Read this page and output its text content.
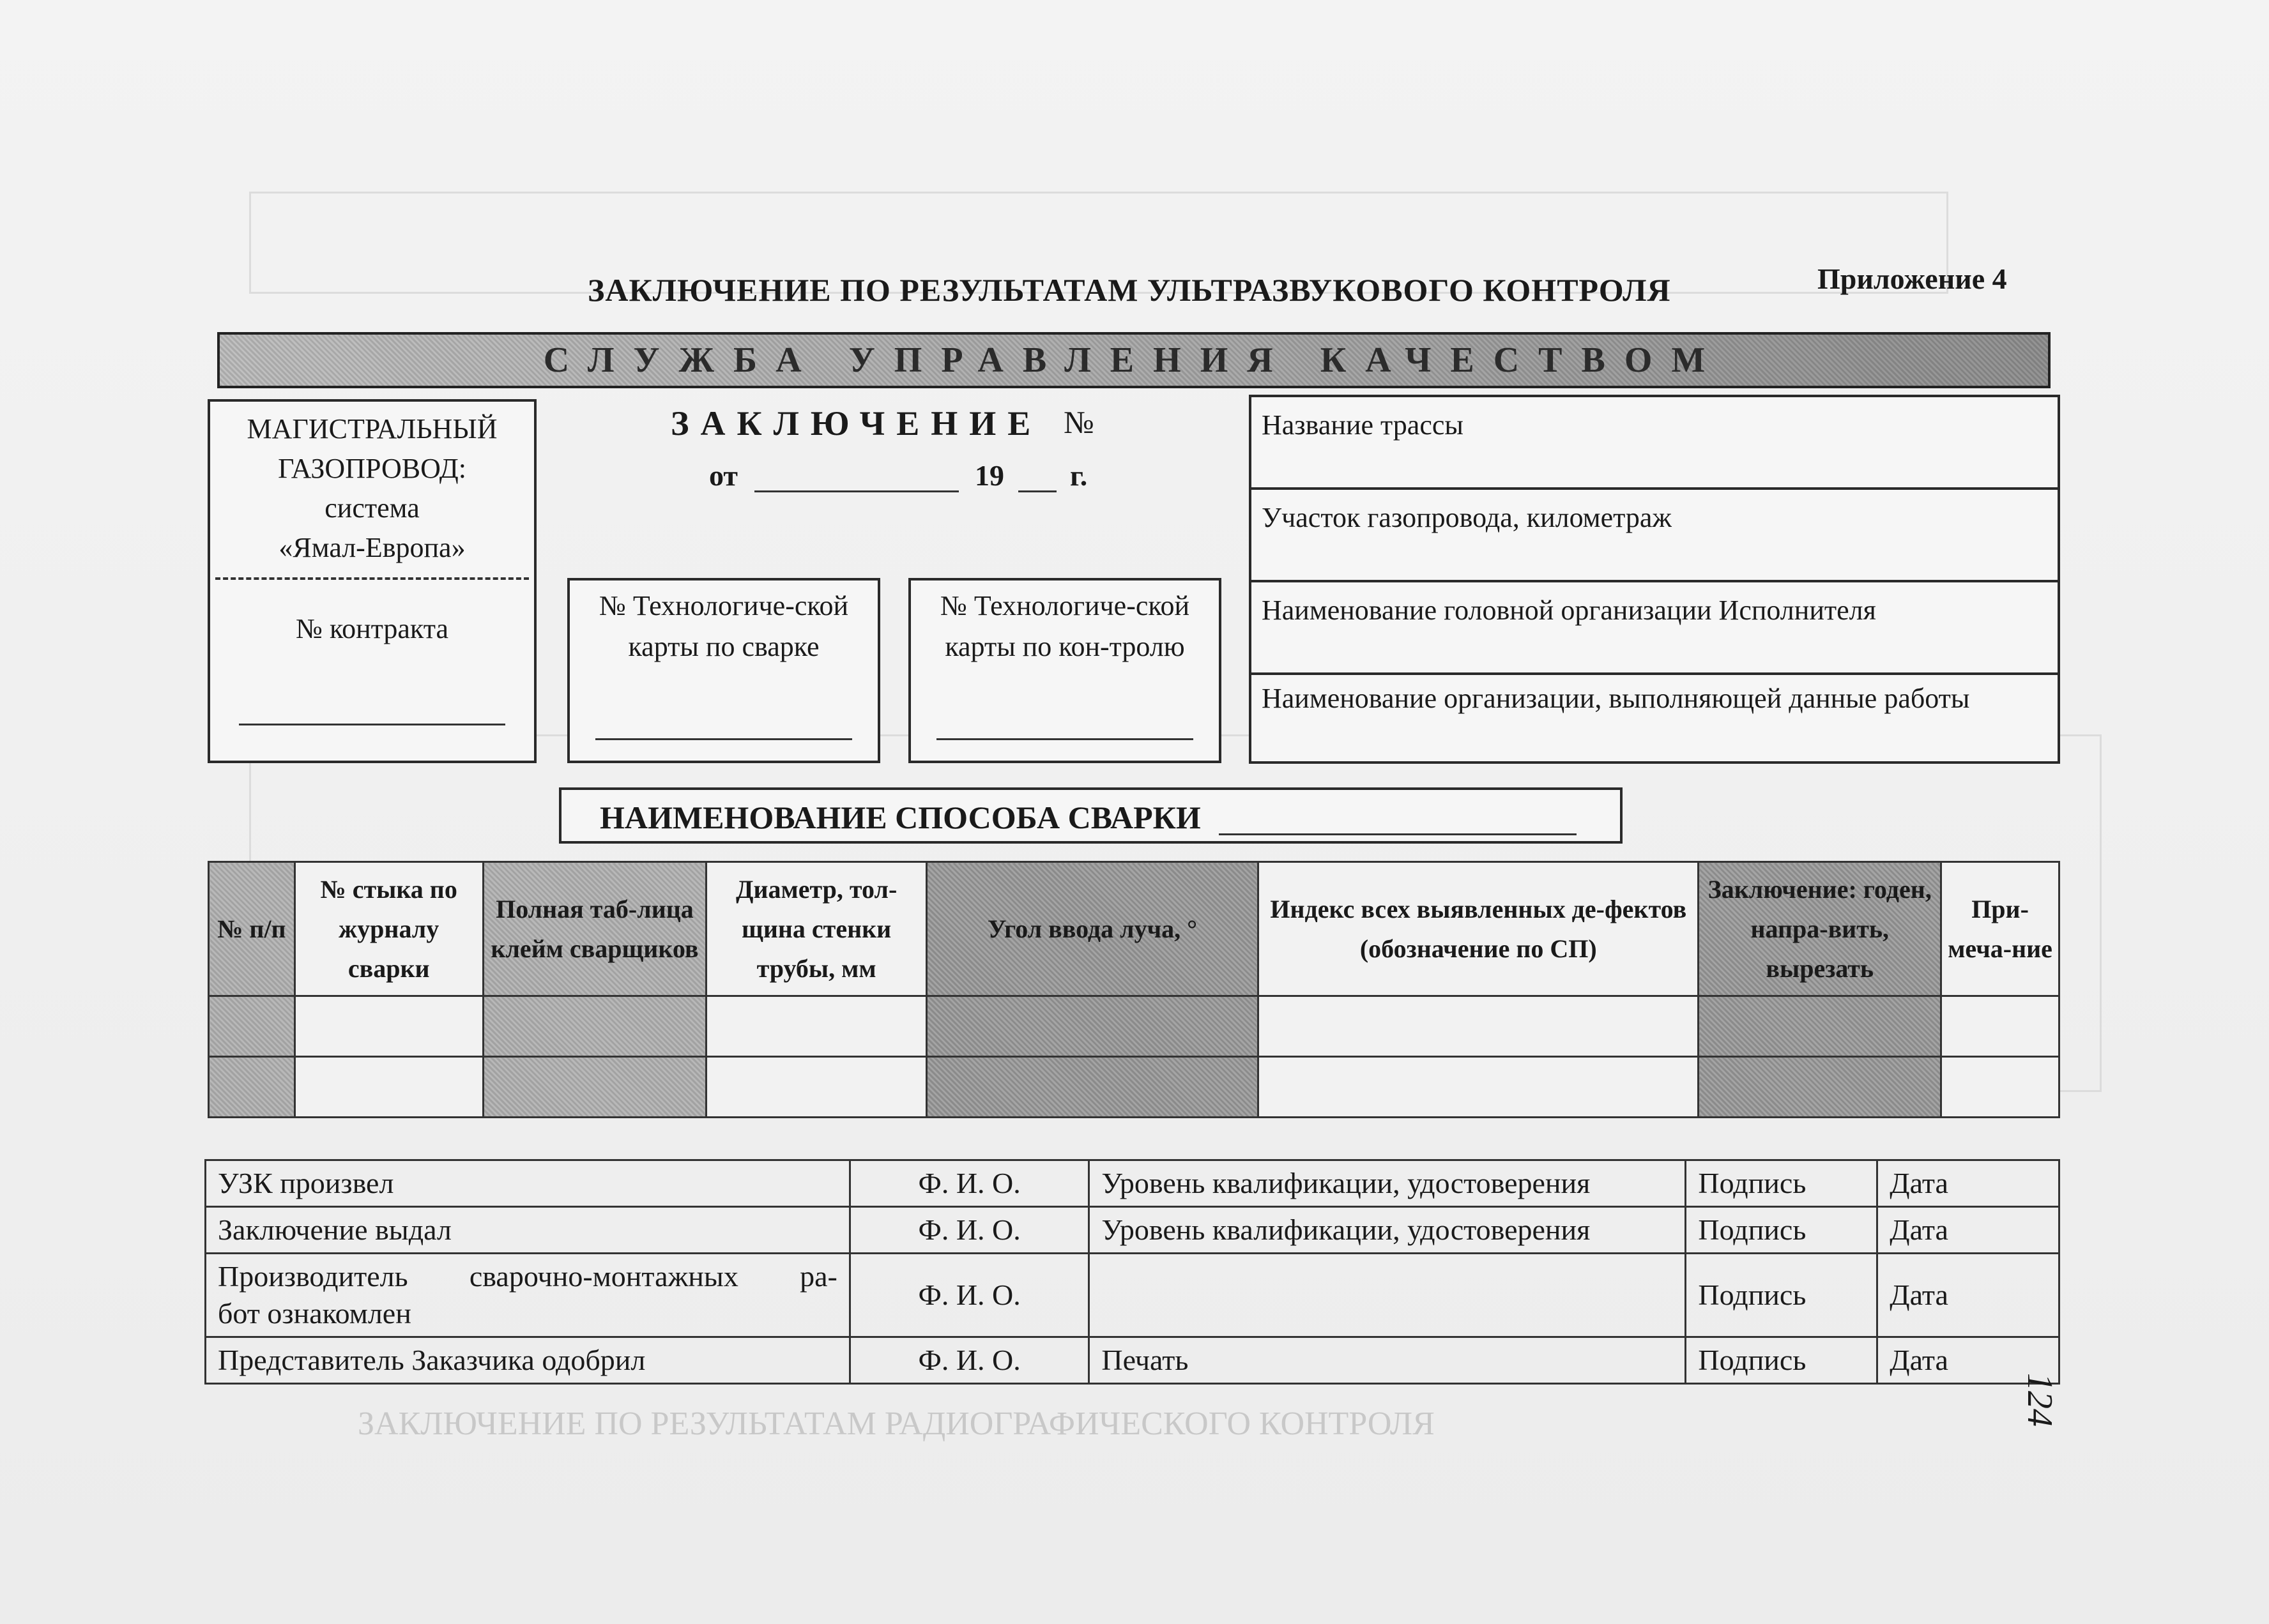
ЗАКЛЮЧЕНИЕ ПО РЕЗУЛЬТАТАМ РАДИОГРАФИЧЕСКОГО КОНТРОЛЯ
ЗАКЛЮЧЕНИЕ ПО РЕЗУЛЬТАТАМ УЛЬТРАЗВУКОВОГО КОНТРОЛЯ	Приложение 4
СЛУЖБА УПРАВЛЕНИЯ КАЧЕСТВОМ
МАГИСТРАЛЬНЫЙ
ГАЗОПРОВОД:
система
«Ямал-Европа»
№ контракта
ЗАКЛЮЧЕНИЕ №
от	19 г.
№ Технологиче-ской карты по сварке
№ Технологиче-ской карты по кон-тролю
Название трассы
Участок газопровода, километраж
Наименование головной организации Исполнителя
Наименование организации, выполняющей данные работы
НАИМЕНОВАНИЕ СПОСОБА СВАРКИ
№ п/п	№ стыка по журналу сварки	Полная таб-лица клейм сварщиков	Диаметр, тол-щина стенки трубы, мм	Угол ввода луча, °	Индекс всех выявленных де-фектов (обозначение по СП)	Заключение: годен, напра-вить, вырезать	При-меча-ние

УЗК произвел	Ф. И. О.	Уровень квалификации, удостоверения	Подпись	Дата
Заключение выдал	Ф. И. О.	Уровень квалификации, удостоверения	Подпись	Дата

Производитель сварочно-монтажных ра-
бот ознакомлен	Ф. И. О.		Подпись	Дата
Представитель Заказчика одобрил	Ф. И. О.	Печать	Подпись	Дата
124
